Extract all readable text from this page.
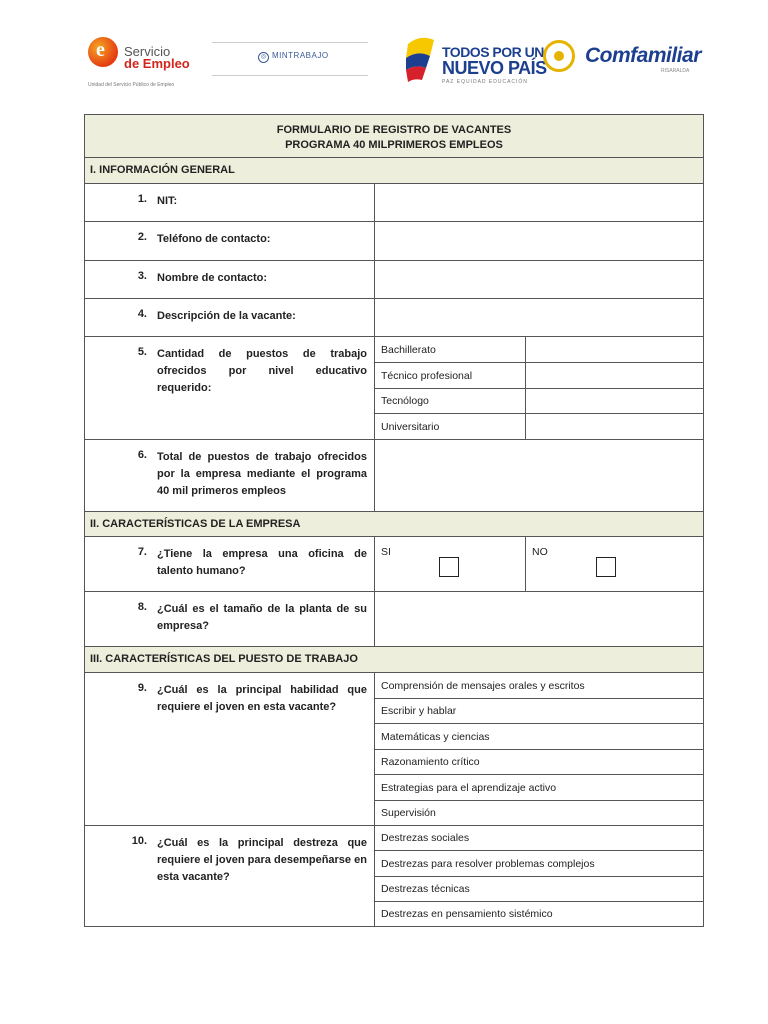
e Servicio
de Empleo
Unidad del Servicio Público de Empleo
◎ MINTRABAJO	TODOS POR UN
NUEVO PAÍS
PAZ EQUIDAD EDUCACIÓN
Comfamiliar
RISARALDA
FORMULARIO DE REGISTRO DE VACANTES
PROGRAMA 40 MILPRIMEROS EMPLEOS
I. INFORMACIÓN GENERAL
1. NIT:
2. Teléfono de contacto:
3. Nombre de contacto:
4. Descripción de la vacante:
5. Cantidad de puestos de trabajo ofrecidos por nivel educativo requerido:
Bachillerato
Técnico profesional
Tecnólogo
Universitario
6. Total de puestos de trabajo ofrecidos por la empresa mediante el programa 40 mil primeros empleos
II. CARACTERÍSTICAS DE LA EMPRESA
7. ¿Tiene la empresa una oficina de talento humano?
SI	NO
8. ¿Cuál es el tamaño de la planta de su empresa?
III. CARACTERÍSTICAS DEL PUESTO DE TRABAJO
9. ¿Cuál es la principal habilidad que requiere el joven en esta vacante?
Comprensión de mensajes orales y escritos
Escribir y hablar
Matemáticas y ciencias
Razonamiento crítico
Estrategias para el aprendizaje activo
Supervisión
10. ¿Cuál es la principal destreza que requiere el joven para desempeñarse en esta vacante?
Destrezas sociales
Destrezas para resolver problemas complejos
Destrezas técnicas
Destrezas en pensamiento sistémico
